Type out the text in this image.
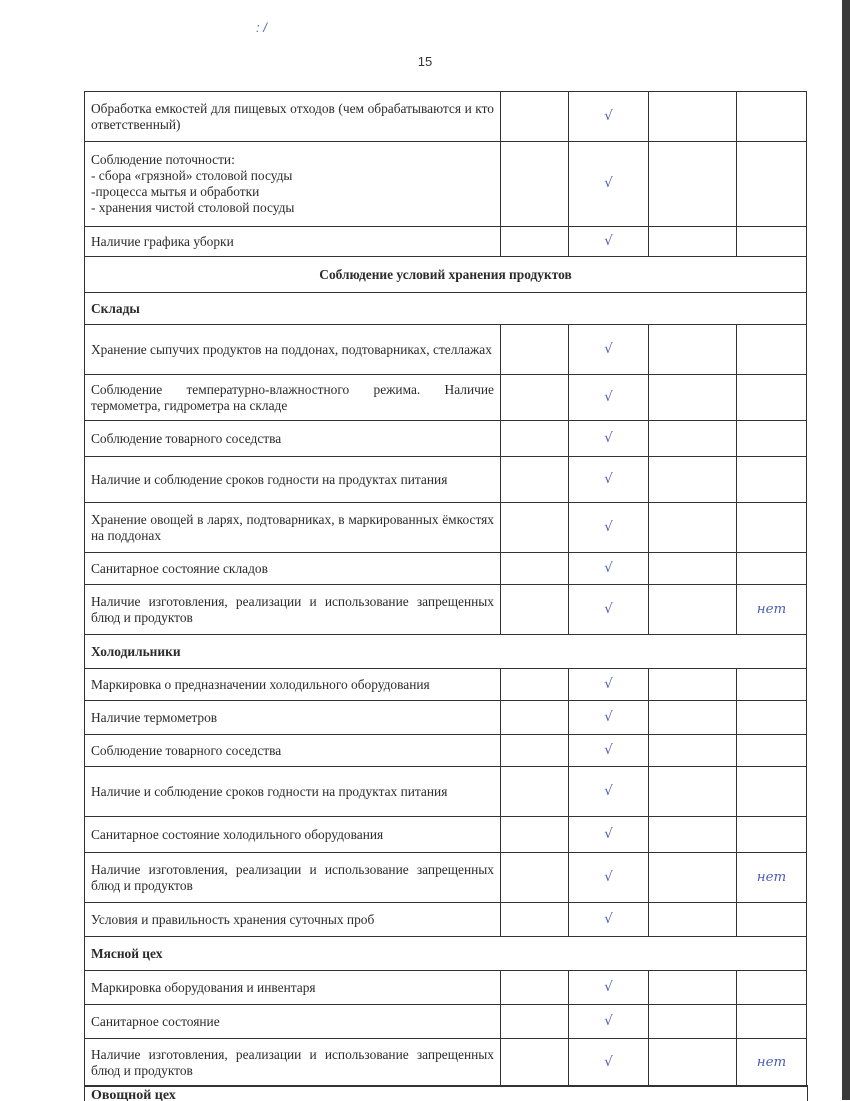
: /
15
Обработка емкостей для пищевых отходов (чем обрабатываются и кто ответственный)		√		
Соблюдение поточности:
- сбора «грязной» столовой посуды
-процесса мытья и обработки
- хранения чистой столовой посуды		√		
Наличие графика уборки		√		
Соблюдение условий хранения продуктов				
Склады				
Хранение сыпучих продуктов на поддонах, подтоварниках, стеллажах		√		
Соблюдение температурно-влажностного режима. Наличие термометра, гидрометра на складе		√		
Соблюдение товарного соседства		√		
Наличие и соблюдение сроков годности на продуктах питания		√		
Хранение овощей в ларях, подтоварниках, в маркированных ёмкостях на поддонах		√		
Санитарное состояние складов		√		
Наличие изготовления, реализации и использование запрещенных блюд и продуктов		√		нет
Холодильники				
Маркировка о предназначении холодильного оборудования		√		
Наличие термометров		√		
Соблюдение товарного соседства		√		
Наличие и соблюдение сроков годности на продуктах питания		√		
Санитарное состояние холодильного оборудования		√		
Наличие изготовления, реализации и использование запрещенных блюд и продуктов		√		нет
Условия и правильность хранения суточных проб		√		
Мясной цех				
Маркировка оборудования и инвентаря		√		
Санитарное состояние		√		
Наличие изготовления, реализации и использование запрещенных блюд и продуктов		√		нет
Овощной цех
